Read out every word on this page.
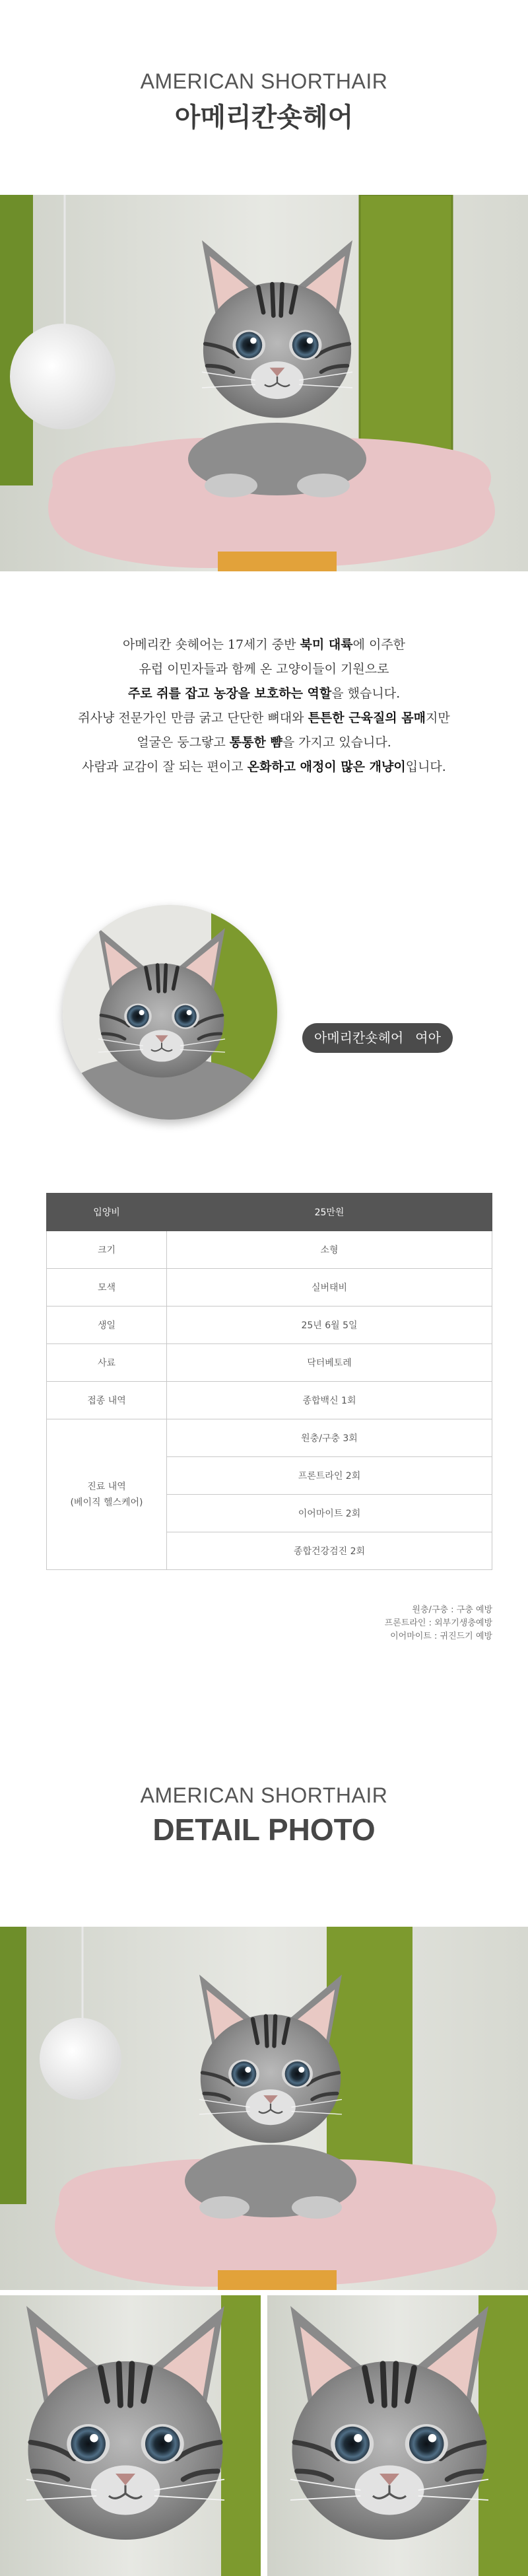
AMERICAN SHORTHAIR
아메리칸숏헤어
아메리칸 숏헤어는 17세기 중반 북미 대륙에 이주한
유럽 이민자들과 함께 온 고양이들이 기원으로
주로 쥐를 잡고 농장을 보호하는 역할을 했습니다.
쥐사냥 전문가인 만큼 굵고 단단한 뼈대와 튼튼한 근육질의 몸매지만
얼굴은 둥그랗고 통통한 뺨을 가지고 있습니다.
사람과 교감이 잘 되는 편이고 온화하고 애정이 많은 개냥이입니다.
아메리칸숏헤어 여아
입양비	25만원
크기	소형
모색	실버태비
생일	25년 6월 5일
사료	닥터베토레
접종 내역	종합백신 1회

진료 내역
(베이직 헬스케어)	원충/구충 3회
	프론트라인 2회
	이어마이트 2회
	종합건강검진 2회
원충/구충 : 구충 예방
프론트라인 : 외부기생충예방
이어마이트 : 귀진드기 예방
AMERICAN SHORTHAIR
DETAIL PHOTO
